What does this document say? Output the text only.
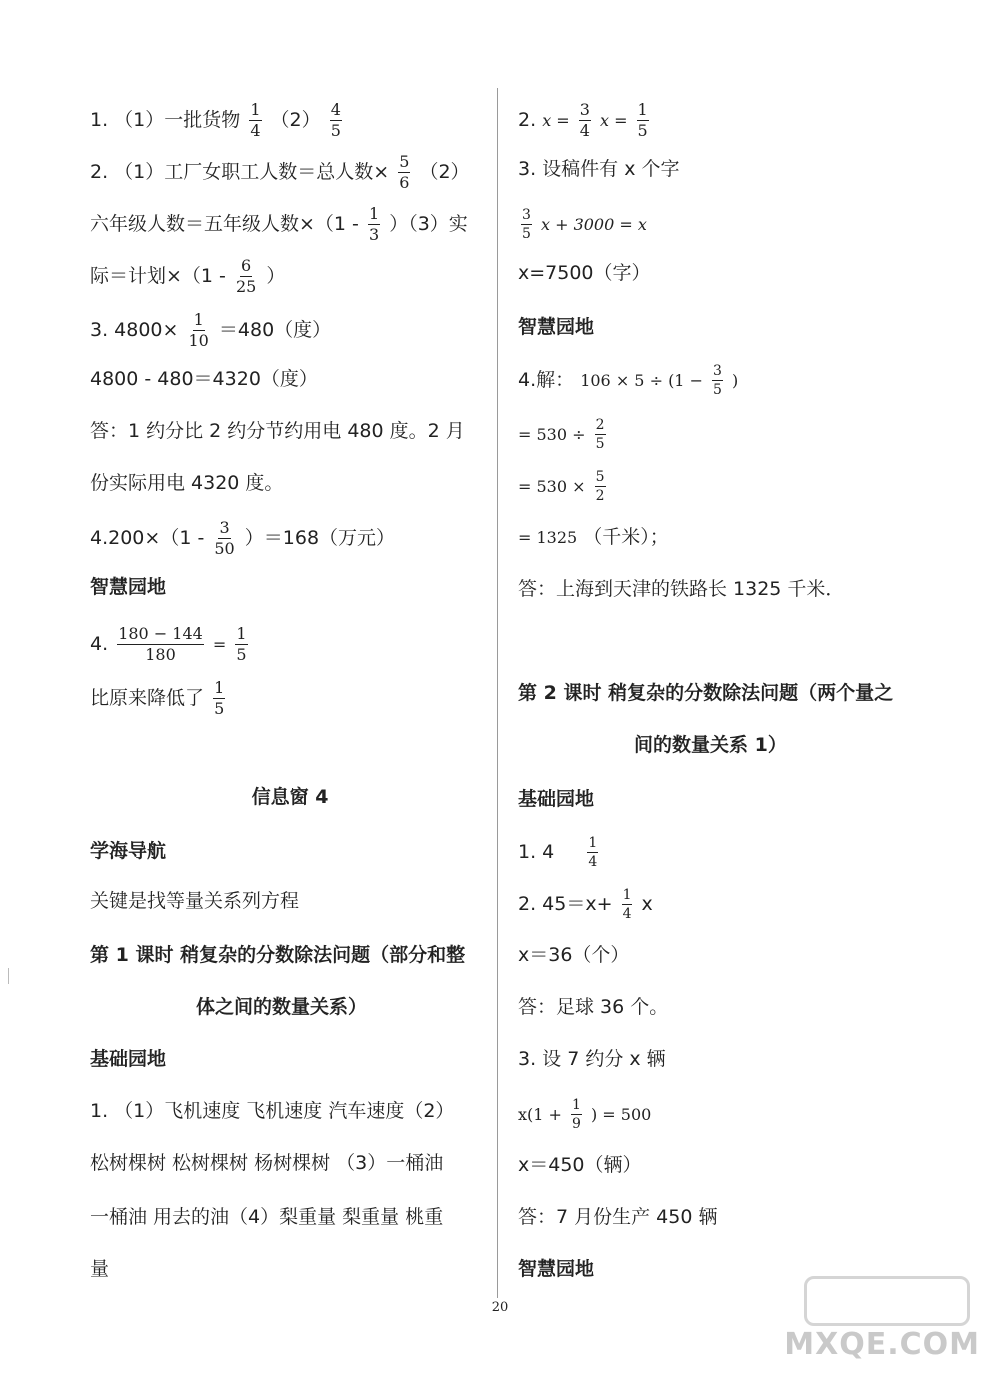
1. （1）一批货物 $\frac{1}{4} (2) \frac{4}{5}$
2. （1）工厂女职工人数＝总人数× $\frac{5}{6} (2)$
六年级人数＝五年级人数$\times(1 - \frac{1}{3} )(3)$实
际＝计划$\times(1 - \frac{6}{25}$ ）
3. $4800\times \frac{1}{10} =480$（度）
4800 - 480＝4320（度）
答：1 约分比 2 约分节约用电 480 度。2 月
份实际用电 4320 度。
$4.200\times(1 - \frac{3}{50} )=168$（万元）
智慧园地
4. $\frac{180 - 144}{180} = \frac{1}{5}$
比原来降低了 $\frac{1}{5}$
信息窗 4
学海导航
关键是找等量关系列方程
第 1 课时 稍复杂的分数除法问题（部分和整
体之间的数量关系）
基础园地
1. （1）飞机速度 飞机速度 汽车速度（2）
松树棵树 松树棵树 杨树棵树 （3）一桶油
一桶油 用去的油（4）梨重量 梨重量 桃重
量
2. $x = \frac{3}{4}$ $x = \frac{1}{5}$
3. 设稿件有 x 个字
$\frac{3}{5}$ x + 3000 = x
x=7500（字）
智慧园地
4.解： $106 \times 5 \div (1 - \frac{3}{5}$ )
= $530 \div \frac{2}{5}$
= $530 \times \frac{5}{2}$
= 1325 （千米）；
答：上海到天津的铁路长 1325 千米．
第 2 课时 稍复杂的分数除法问题（两个量之
间的数量关系 1）
基础园地
1. $4 \frac{1}{4}$
2. $45=x+ \frac{1}{4}$ x
x＝36（个）
答：足球 36 个。
3. 设 7 约分 x 辆
$x(1 + \frac{1}{9}$ ) = 500
x＝450（辆）
答：7 月份生产 450 辆
智慧园地
20
MXQE.COM
